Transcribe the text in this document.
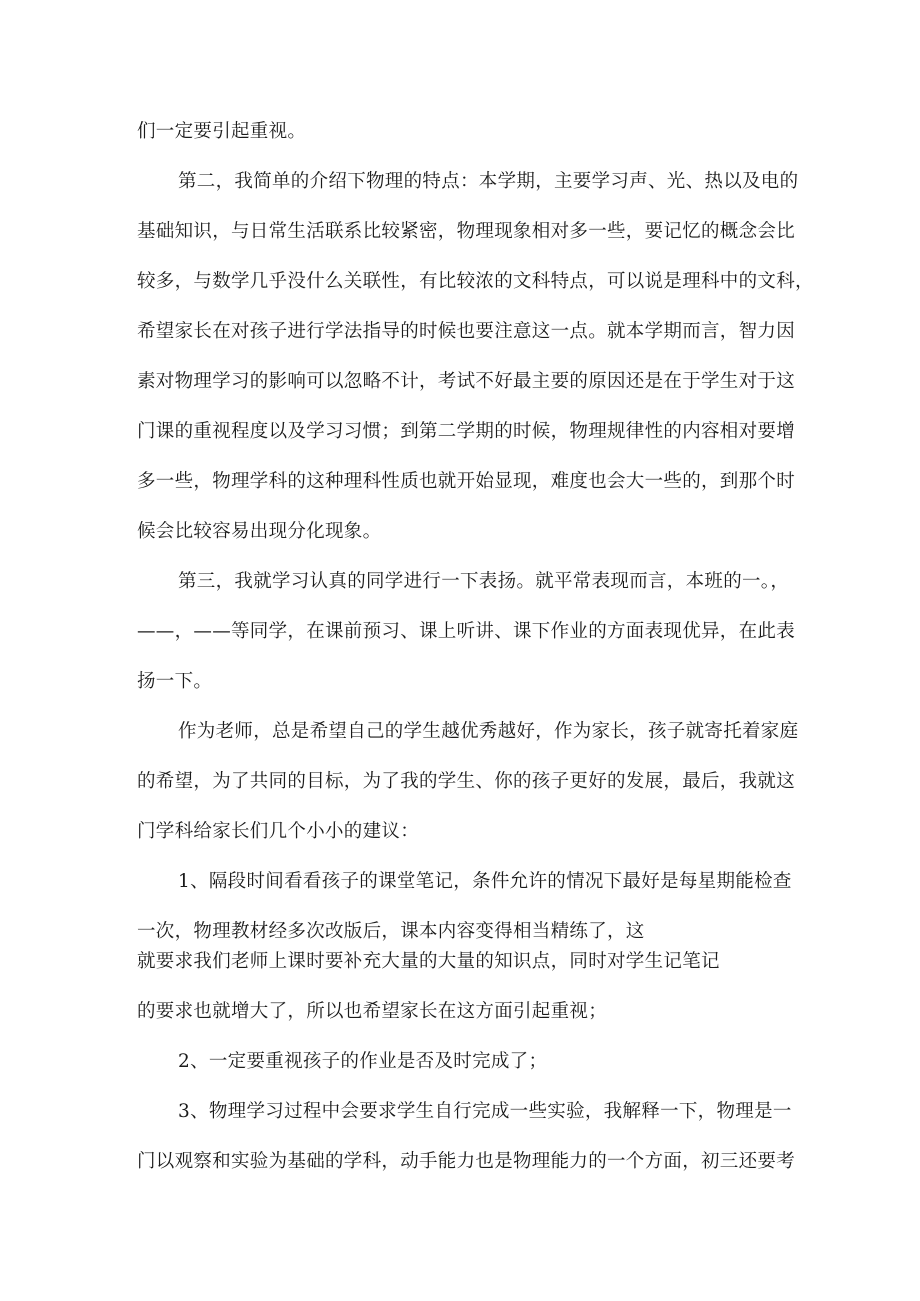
们一定要引起重视。
第二，我简单的介绍下物理的特点：本学期，主要学习声、光、热以及电的
基础知识，与日常生活联系比较紧密，物理现象相对多一些，要记忆的概念会比
较多，与数学几乎没什么关联性，有比较浓的文科特点，可以说是理科中的文科，
希望家长在对孩子进行学法指导的时候也要注意这一点。就本学期而言，智力因
素对物理学习的影响可以忽略不计，考试不好最主要的原因还是在于学生对于这
门课的重视程度以及学习习惯；到第二学期的时候，物理规律性的内容相对要增
多一些，物理学科的这种理科性质也就开始显现，难度也会大一些的，到那个时
候会比较容易出现分化现象。
第三，我就学习认真的同学进行一下表扬。就平常表现而言，本班的一。，
——，——等同学，在课前预习、课上听讲、课下作业的方面表现优异，在此表
扬一下。
作为老师，总是希望自己的学生越优秀越好，作为家长，孩子就寄托着家庭
的希望，为了共同的目标，为了我的学生、你的孩子更好的发展，最后，我就这
门学科给家长们几个小小的建议：
1、隔段时间看看孩子的课堂笔记，条件允许的情况下最好是每星期能检查
一次，物理教材经多次改版后，课本内容变得相当精练了，这
就要求我们老师上课时要补充大量的大量的知识点，同时对学生记笔记
的要求也就增大了，所以也希望家长在这方面引起重视；
2、一定要重视孩子的作业是否及时完成了；
3、物理学习过程中会要求学生自行完成一些实验，我解释一下，物理是一
门以观察和实验为基础的学科，动手能力也是物理能力的一个方面，初三还要考
